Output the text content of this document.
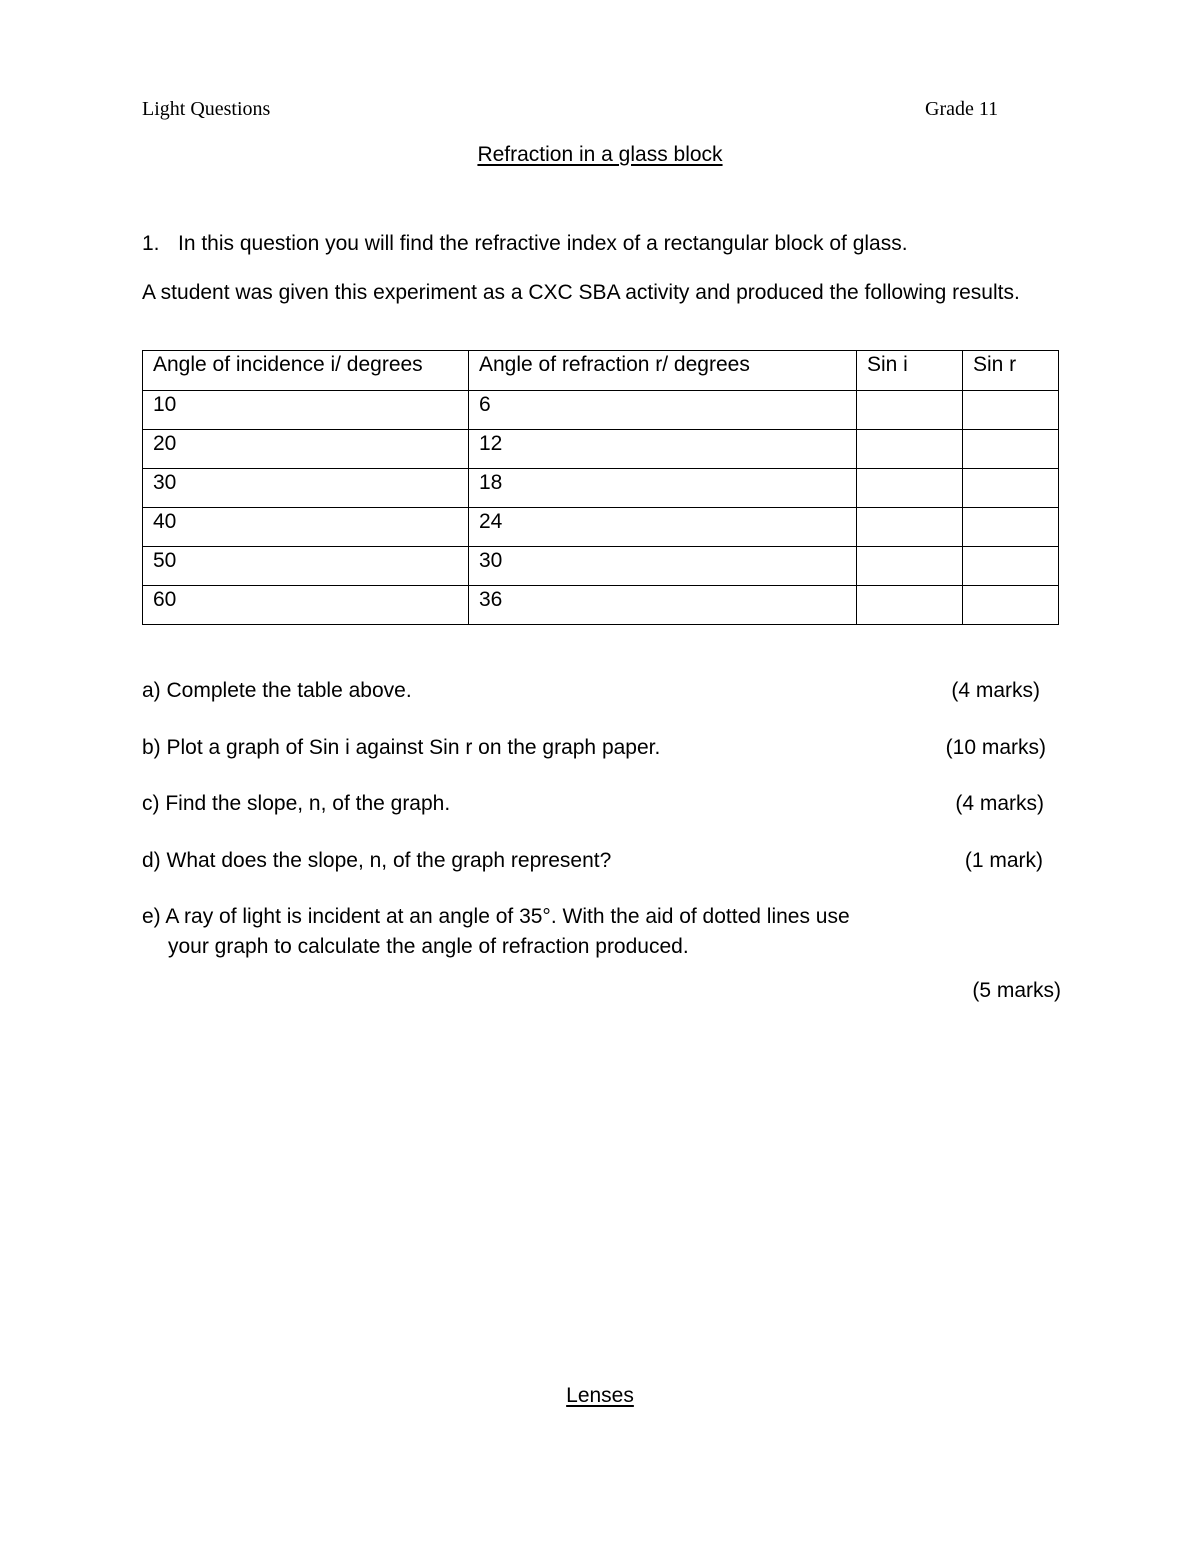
Light Questions	Grade 11
Refraction in a glass block
1. In this question you will find the refractive index of a rectangular block of glass.
A student was given this experiment as a CXC SBA activity and produced the following results.
Angle of incidence i/ degrees	Angle of refraction r/ degrees	Sin i	Sin r
10	6		
20	12		
30	18		
40	24		
50	30		
60	36		
a) Complete the table above.	(4 marks)
b) Plot a graph of Sin i against Sin r on the graph paper.	(10 marks)
c) Find the slope, n, of the graph.	(4 marks)
d) What does the slope, n, of the graph represent?	(1 mark)
e) A ray of light is incident at an angle of 35°. With the aid of dotted lines use
your graph to calculate the angle of refraction produced.
(5 marks)
Lenses
